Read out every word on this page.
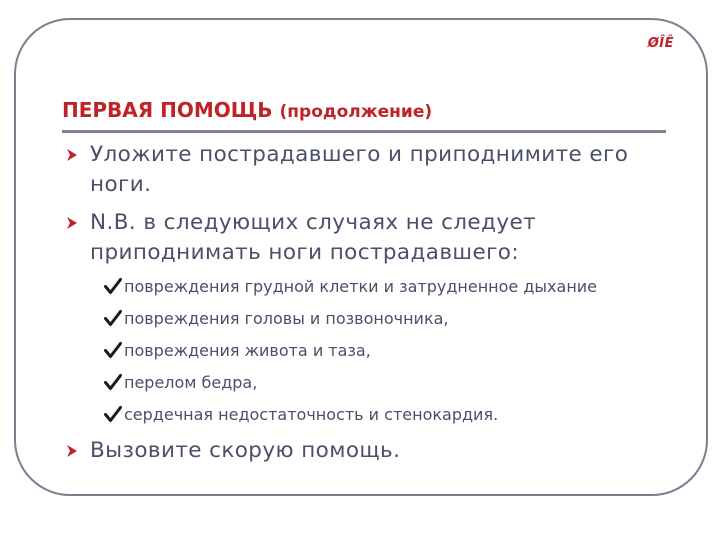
ØÎÊ
ПЕРВАЯ ПОМОЩЬ (продолжение)
Уложите пострадавшего и приподнимите его ноги.
N.B. в следующих случаях не следует приподнимать ноги пострадавшего:
повреждения грудной клетки и затрудненное дыхание
повреждения головы и позвоночника,
повреждения живота и таза,
перелом бедра,
сердечная недостаточность и стенокардия.
Вызовите скорую помощь.
